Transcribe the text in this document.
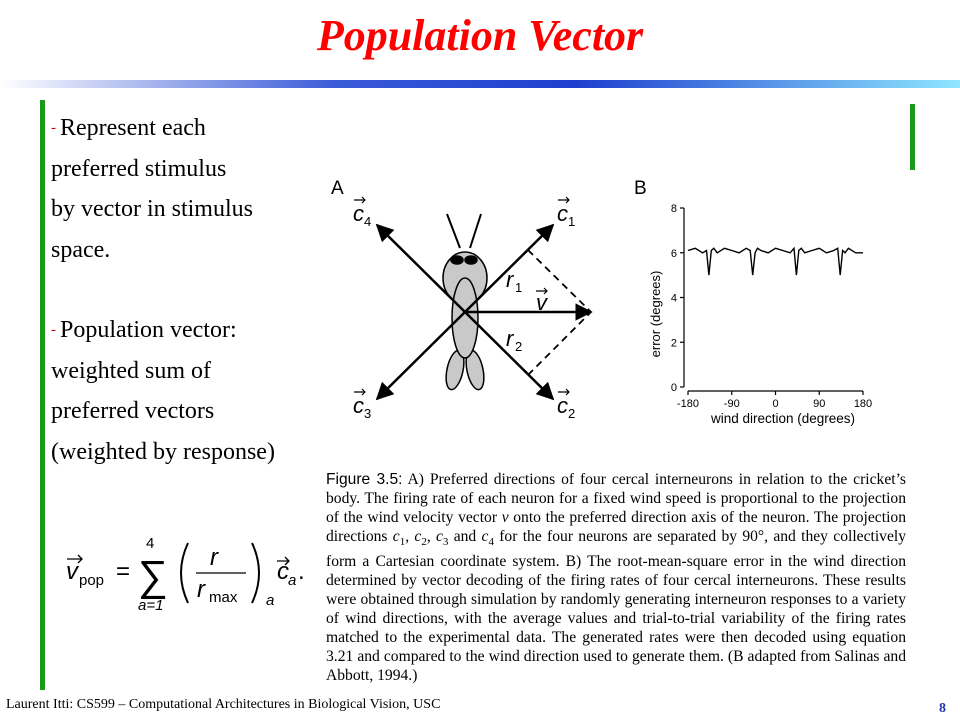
Population Vector

- Represent each

preferred stimulus

by vector in stimulus

space.

- Population vector:

weighted sum of

preferred vectors

(weighted by response)

v pop =
4
∑
a=1
r
r max a
c a .
A
c 1
c 4
c 3	c 2
v
r 1
r 2
B
error (degrees)
wind direction (degrees)
0
2
4
6
8
-180 -90	0	90	180
Figure 3.5: A) Preferred directions of four cercal interneurons in relation to the cricket’s body. The firing rate of each neuron for a fixed wind speed is proportional to the projection of the wind velocity vector v onto the preferred direction axis of the neuron. The projection directions $c_1$, $c_2$, $c_3$ and $c_4$ for the four neurons are separated by 90°, and they collectively form a Cartesian coordinate system. B) The root-mean-square error in the wind direction determined by vector decoding of the firing rates of four cercal interneurons. These results were obtained through simulation by randomly generating interneuron responses to a variety of wind directions, with the average values and trial-to-trial variability of the firing rates matched to the experimental data. The generated rates were then decoded using equation 3.21 and compared to the wind direction used to generate them. (B adapted from Salinas and Abbott, 1994.)
Laurent Itti: CS599 – Computational Architectures in Biological Vision, USC	8
